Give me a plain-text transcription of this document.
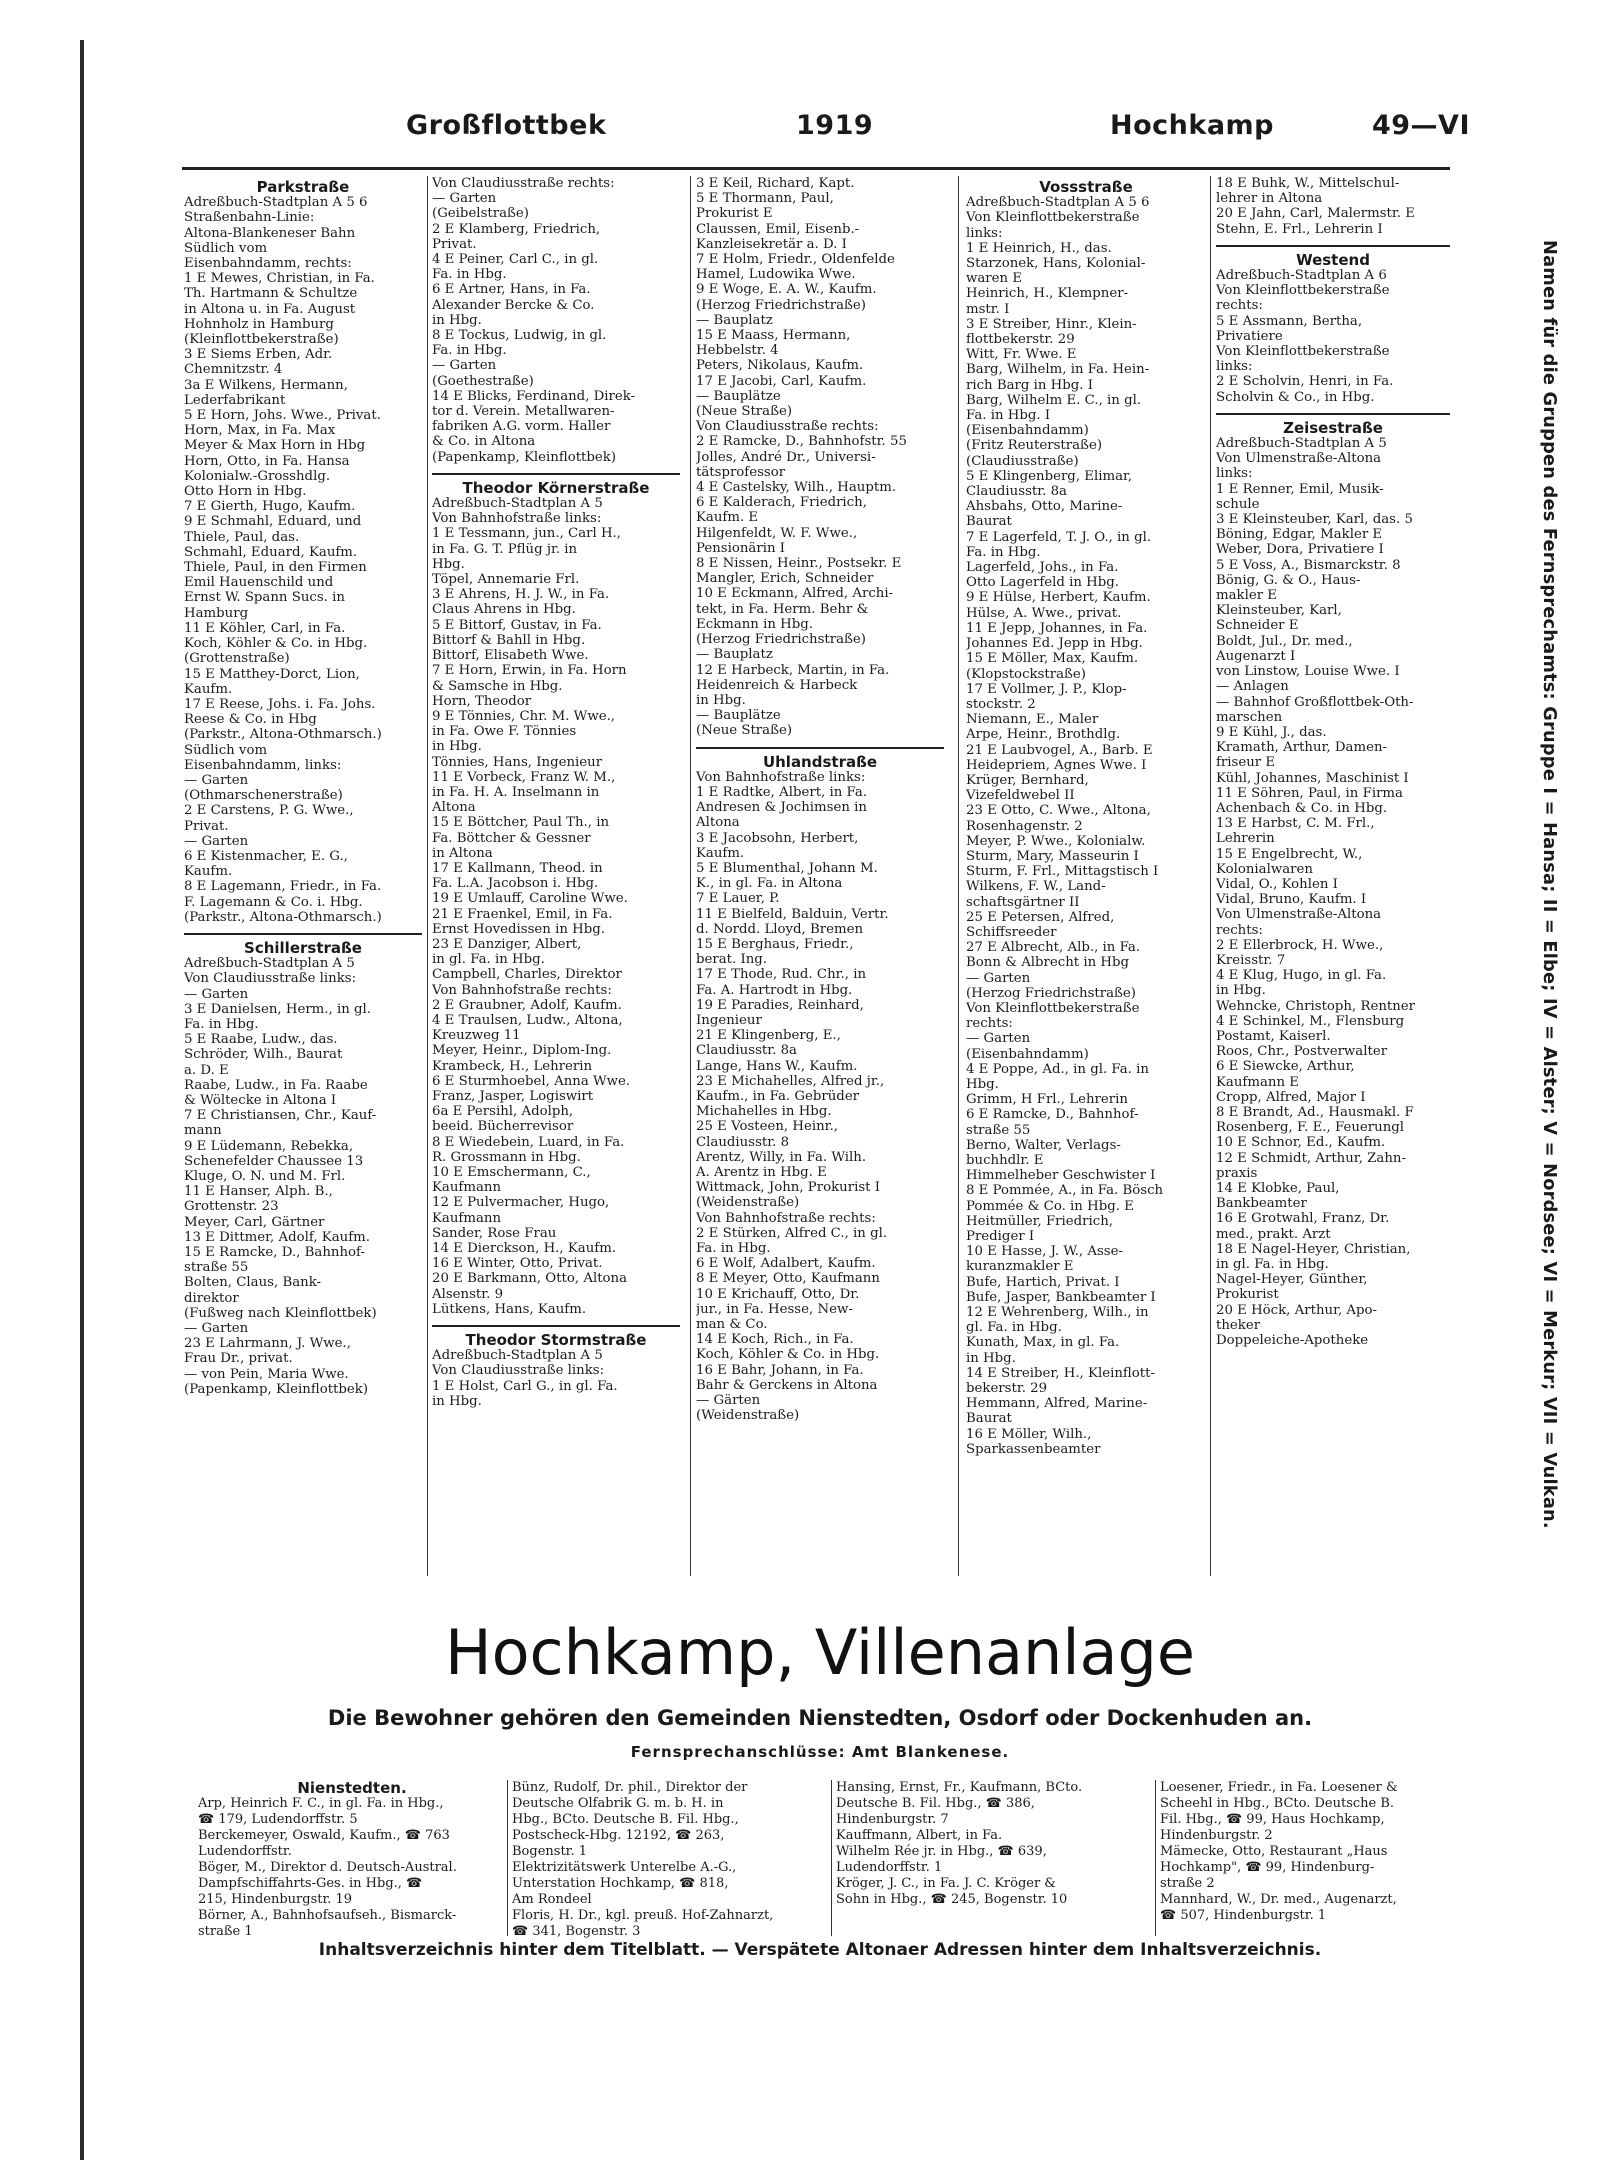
Großflottbek	1919	Hochkamp	49—VI
Parkstraße
Adreßbuch-Stadtplan A 5 6
Straßenbahn-Linie:
Altona-Blankeneser Bahn
Südlich vom
Eisenbahndamm, rechts:
1 E Mewes, Christian, in Fa.
Th. Hartmann & Schultze
in Altona u. in Fa. August
Hohnholz in Hamburg
(Kleinflottbekerstraße)
3 E Siems Erben, Adr.
Chemnitzstr. 4
3a E Wilkens, Hermann,
Lederfabrikant
5 E Horn, Johs. Wwe., Privat.
Horn, Max, in Fa. Max
Meyer & Max Horn in Hbg
Horn, Otto, in Fa. Hansa
Kolonialw.-Grosshdlg.
Otto Horn in Hbg.
7 E Gierth, Hugo, Kaufm.
9 E Schmahl, Eduard, und
Thiele, Paul, das.
Schmahl, Eduard, Kaufm.
Thiele, Paul, in den Firmen
Emil Hauenschild und
Ernst W. Spann Sucs. in
Hamburg
11 E Köhler, Carl, in Fa.
Koch, Köhler & Co. in Hbg.
(Grottenstraße)
15 E Matthey-Dorct, Lion,
Kaufm.
17 E Reese, Johs. i. Fa. Johs.
Reese & Co. in Hbg
(Parkstr., Altona-Othmarsch.)
Südlich vom
Eisenbahndamm, links:
— Garten
(Othmarschenerstraße)
2 E Carstens, P. G. Wwe.,
Privat.
— Garten
6 E Kistenmacher, E. G.,
Kaufm.
8 E Lagemann, Friedr., in Fa.
F. Lagemann & Co. i. Hbg.
(Parkstr., Altona-Othmarsch.)
Schillerstraße
Adreßbuch-Stadtplan A 5
Von Claudiusstraße links:
— Garten
3 E Danielsen, Herm., in gl.
Fa. in Hbg.
5 E Raabe, Ludw., das.
Schröder, Wilh., Baurat
a. D. E
Raabe, Ludw., in Fa. Raabe
& Wöltecke in Altona I
7 E Christiansen, Chr., Kauf-
mann
9 E Lüdemann, Rebekka,
Schenefelder Chaussee 13
Kluge, O. N. und M. Frl.
11 E Hanser, Alph. B.,
Grottenstr. 23
Meyer, Carl, Gärtner
13 E Dittmer, Adolf, Kaufm.
15 E Ramcke, D., Bahnhof-
straße 55
Bolten, Claus, Bank-
direktor
(Fußweg nach Kleinflottbek)
— Garten
23 E Lahrmann, J. Wwe.,
Frau Dr., privat.
— von Pein, Maria Wwe.
(Papenkamp, Kleinflottbek)
Von Claudiusstraße rechts:
— Garten
(Geibelstraße)
2 E Klamberg, Friedrich,
Privat.
4 E Peiner, Carl C., in gl.
Fa. in Hbg.
6 E Artner, Hans, in Fa.
Alexander Bercke & Co.
in Hbg.
8 E Tockus, Ludwig, in gl.
Fa. in Hbg.
— Garten
(Goethestraße)
14 E Blicks, Ferdinand, Direk-
tor d. Verein. Metallwaren-
fabriken A.G. vorm. Haller
& Co. in Altona
(Papenkamp, Kleinflottbek)
Theodor Körnerstraße
Adreßbuch-Stadtplan A 5
Von Bahnhofstraße links:
1 E Tessmann, jun., Carl H.,
in Fa. G. T. Pflüg jr. in
Hbg.
Töpel, Annemarie Frl.
3 E Ahrens, H. J. W., in Fa.
Claus Ahrens in Hbg.
5 E Bittorf, Gustav, in Fa.
Bittorf & Bahll in Hbg.
Bittorf, Elisabeth Wwe.
7 E Horn, Erwin, in Fa. Horn
& Samsche in Hbg.
Horn, Theodor
9 E Tönnies, Chr. M. Wwe.,
in Fa. Owe F. Tönnies
in Hbg.
Tönnies, Hans, Ingenieur
11 E Vorbeck, Franz W. M.,
in Fa. H. A. Inselmann in
Altona
15 E Böttcher, Paul Th., in
Fa. Böttcher & Gessner
in Altona
17 E Kallmann, Theod. in
Fa. L.A. Jacobson i. Hbg.
19 E Umlauff, Caroline Wwe.
21 E Fraenkel, Emil, in Fa.
Ernst Hovedissen in Hbg.
23 E Danziger, Albert,
in gl. Fa. in Hbg.
Campbell, Charles, Direktor
Von Bahnhofstraße rechts:
2 E Graubner, Adolf, Kaufm.
4 E Traulsen, Ludw., Altona,
Kreuzweg 11
Meyer, Heinr., Diplom-Ing.
Krambeck, H., Lehrerin
6 E Sturmhoebel, Anna Wwe.
Franz, Jasper, Logiswirt
6a E Persihl, Adolph,
beeid. Bücherrevisor
8 E Wiedebein, Luard, in Fa.
R. Grossmann in Hbg.
10 E Emschermann, C.,
Kaufmann
12 E Pulvermacher, Hugo,
Kaufmann
Sander, Rose Frau
14 E Dierckson, H., Kaufm.
16 E Winter, Otto, Privat.
20 E Barkmann, Otto, Altona
Alsenstr. 9
Lütkens, Hans, Kaufm.
Theodor Stormstraße
Adreßbuch-Stadtplan A 5
Von Claudiusstraße links:
1 E Holst, Carl G., in gl. Fa.
in Hbg.
3 E Keil, Richard, Kapt.
5 E Thormann, Paul,
Prokurist E
Claussen, Emil, Eisenb.-
Kanzleisekretär a. D. I
7 E Holm, Friedr., Oldenfelde
Hamel, Ludowika Wwe.
9 E Woge, E. A. W., Kaufm.
(Herzog Friedrichstraße)
— Bauplatz
15 E Maass, Hermann,
Hebbelstr. 4
Peters, Nikolaus, Kaufm.
17 E Jacobi, Carl, Kaufm.
— Bauplätze
(Neue Straße)
Von Claudiusstraße rechts:
2 E Ramcke, D., Bahnhofstr. 55
Jolles, André Dr., Universi-
tätsprofessor
4 E Castelsky, Wilh., Hauptm.
6 E Kalderach, Friedrich,
Kaufm. E
Hilgenfeldt, W. F. Wwe.,
Pensionärin I
8 E Nissen, Heinr., Postsekr. E
Mangler, Erich, Schneider
10 E Eckmann, Alfred, Archi-
tekt, in Fa. Herm. Behr &
Eckmann in Hbg.
(Herzog Friedrichstraße)
— Bauplatz
12 E Harbeck, Martin, in Fa.
Heidenreich & Harbeck
in Hbg.
— Bauplätze
(Neue Straße)
Uhlandstraße
Von Bahnhofstraße links:
1 E Radtke, Albert, in Fa.
Andresen & Jochimsen in
Altona
3 E Jacobsohn, Herbert,
Kaufm.
5 E Blumenthal, Johann M.
K., in gl. Fa. in Altona
7 E Lauer, P.
11 E Bielfeld, Balduin, Vertr.
d. Nordd. Lloyd, Bremen
15 E Berghaus, Friedr.,
berat. Ing.
17 E Thode, Rud. Chr., in
Fa. A. Hartrodt in Hbg.
19 E Paradies, Reinhard,
Ingenieur
21 E Klingenberg, E.,
Claudiusstr. 8a
Lange, Hans W., Kaufm.
23 E Michahelles, Alfred jr.,
Kaufm., in Fa. Gebrüder
Michahelles in Hbg.
25 E Vosteen, Heinr.,
Claudiusstr. 8
Arentz, Willy, in Fa. Wilh.
A. Arentz in Hbg. E
Wittmack, John, Prokurist I
(Weidenstraße)
Von Bahnhofstraße rechts:
2 E Stürken, Alfred C., in gl.
Fa. in Hbg.
6 E Wolf, Adalbert, Kaufm.
8 E Meyer, Otto, Kaufmann
10 E Krichauff, Otto, Dr.
jur., in Fa. Hesse, New-
man & Co.
14 E Koch, Rich., in Fa.
Koch, Köhler & Co. in Hbg.
16 E Bahr, Johann, in Fa.
Bahr & Gerckens in Altona
— Gärten
(Weidenstraße)
Vossstraße
Adreßbuch-Stadtplan A 5 6
Von Kleinflottbekerstraße
links:
1 E Heinrich, H., das.
Starzonek, Hans, Kolonial-
waren E
Heinrich, H., Klempner-
mstr. I
3 E Streiber, Hinr., Klein-
flottbekerstr. 29
Witt, Fr. Wwe. E
Barg, Wilhelm, in Fa. Hein-
rich Barg in Hbg. I
Barg, Wilhelm E. C., in gl.
Fa. in Hbg. I
(Eisenbahndamm)
(Fritz Reuterstraße)
(Claudiusstraße)
5 E Klingenberg, Elimar,
Claudiusstr. 8a
Ahsbahs, Otto, Marine-
Baurat
7 E Lagerfeld, T. J. O., in gl.
Fa. in Hbg.
Lagerfeld, Johs., in Fa.
Otto Lagerfeld in Hbg.
9 E Hülse, Herbert, Kaufm.
Hülse, A. Wwe., privat.
11 E Jepp, Johannes, in Fa.
Johannes Ed. Jepp in Hbg.
15 E Möller, Max, Kaufm.
(Klopstockstraße)
17 E Vollmer, J. P., Klop-
stockstr. 2
Niemann, E., Maler
Arpe, Heinr., Brothdlg.
21 E Laubvogel, A., Barb. E
Heidepriem, Agnes Wwe. I
Krüger, Bernhard,
Vizefeldwebel II
23 E Otto, C. Wwe., Altona,
Rosenhagenstr. 2
Meyer, P. Wwe., Kolonialw.
Sturm, Mary, Masseurin I
Sturm, F. Frl., Mittagstisch I
Wilkens, F. W., Land-
schaftsgärtner II
25 E Petersen, Alfred,
Schiffsreeder
27 E Albrecht, Alb., in Fa.
Bonn & Albrecht in Hbg
— Garten
(Herzog Friedrichstraße)
Von Kleinflottbekerstraße
rechts:
— Garten
(Eisenbahndamm)
4 E Poppe, Ad., in gl. Fa. in
Hbg.
Grimm, H Frl., Lehrerin
6 E Ramcke, D., Bahnhof-
straße 55
Berno, Walter, Verlags-
buchhdlr. E
Himmelheber Geschwister I
8 E Pommée, A., in Fa. Bösch
Pommée & Co. in Hbg. E
Heitmüller, Friedrich,
Prediger I
10 E Hasse, J. W., Asse-
kuranzmakler E
Bufe, Hartich, Privat. I
Bufe, Jasper, Bankbeamter I
12 E Wehrenberg, Wilh., in
gl. Fa. in Hbg.
Kunath, Max, in gl. Fa.
in Hbg.
14 E Streiber, H., Kleinflott-
bekerstr. 29
Hemmann, Alfred, Marine-
Baurat
16 E Möller, Wilh.,
Sparkassenbeamter
18 E Buhk, W., Mittelschul-
lehrer in Altona
20 E Jahn, Carl, Malermstr. E
Stehn, E. Frl., Lehrerin I
Westend
Adreßbuch-Stadtplan A 6
Von Kleinflottbekerstraße
rechts:
5 E Assmann, Bertha,
Privatiere
Von Kleinflottbekerstraße
links:
2 E Scholvin, Henri, in Fa.
Scholvin & Co., in Hbg.
Zeisestraße
Adreßbuch-Stadtplan A 5
Von Ulmenstraße-Altona
links:
1 E Renner, Emil, Musik-
schule
3 E Kleinsteuber, Karl, das. 5
Böning, Edgar, Makler E
Weber, Dora, Privatiere I
5 E Voss, A., Bismarckstr. 8
Bönig, G. & O., Haus-
makler E
Kleinsteuber, Karl,
Schneider E
Boldt, Jul., Dr. med.,
Augenarzt I
von Linstow, Louise Wwe. I
— Anlagen
— Bahnhof Großflottbek-Oth-
marschen
9 E Kühl, J., das.
Kramath, Arthur, Damen-
friseur E
Kühl, Johannes, Maschinist I
11 E Söhren, Paul, in Firma
Achenbach & Co. in Hbg.
13 E Harbst, C. M. Frl.,
Lehrerin
15 E Engelbrecht, W.,
Kolonialwaren
Vidal, O., Kohlen I
Vidal, Bruno, Kaufm. I
Von Ulmenstraße-Altona
rechts:
2 E Ellerbrock, H. Wwe.,
Kreisstr. 7
4 E Klug, Hugo, in gl. Fa.
in Hbg.
Wehncke, Christoph, Rentner
4 E Schinkel, M., Flensburg
Postamt, Kaiserl.
Roos, Chr., Postverwalter
6 E Siewcke, Arthur,
Kaufmann E
Cropp, Alfred, Major I
8 E Brandt, Ad., Hausmakl. F
Rosenberg, F. E., Feuerungl
10 E Schnor, Ed., Kaufm.
12 E Schmidt, Arthur, Zahn-
praxis
14 E Klobke, Paul,
Bankbeamter
16 E Grotwahl, Franz, Dr.
med., prakt. Arzt
18 E Nagel-Heyer, Christian,
in gl. Fa. in Hbg.
Nagel-Heyer, Günther,
Prokurist
20 E Höck, Arthur, Apo-
theker
Doppeleiche-Apotheke	Namen für die Gruppen des Fernsprechamts: Gruppe I = Hansa; II = Elbe; IV = Alster; V = Nordsee; VI = Merkur; VII = Vulkan.
Hochkamp, Villenanlage
Die Bewohner gehören den Gemeinden Nienstedten, Osdorf oder Dockenhuden an.
Fernsprechanschlüsse: Amt Blankenese.
Nienstedten.
Arp, Heinrich F. C., in gl. Fa. in Hbg.,
☎ 179, Ludendorffstr. 5
Berckemeyer, Oswald, Kaufm., ☎ 763
Ludendorffstr.
Böger, M., Direktor d. Deutsch-Austral.
Dampfschiffahrts-Ges. in Hbg., ☎
215, Hindenburgstr. 19
Börner, A., Bahnhofsaufseh., Bismarck-
straße 1
Bünz, Rudolf, Dr. phil., Direktor der
Deutsche Ölfabrik G. m. b. H. in
Hbg., BCto. Deutsche B. Fil. Hbg.,
Postscheck-Hbg. 12192, ☎ 263,
Bogenstr. 1
Elektrizitätswerk Unterelbe A.-G.,
Unterstation Hochkamp, ☎ 818,
Am Rondeel
Floris, H. Dr., kgl. preuß. Hof-Zahnarzt,
☎ 341, Bogenstr. 3
Hansing, Ernst, Fr., Kaufmann, BCto.
Deutsche B. Fil. Hbg., ☎ 386,
Hindenburgstr. 7
Kauffmann, Albert, in Fa.
Wilhelm Rée jr. in Hbg., ☎ 639,
Ludendorffstr. 1
Kröger, J. C., in Fa. J. C. Kröger &
Sohn in Hbg., ☎ 245, Bogenstr. 10
Loesener, Friedr., in Fa. Loesener &
Scheehl in Hbg., BCto. Deutsche B.
Fil. Hbg., ☎ 99, Haus Hochkamp,
Hindenburgstr. 2
Mämecke, Otto, Restaurant „Haus
Hochkamp", ☎ 99, Hindenburg-
straße 2
Mannhard, W., Dr. med., Augenarzt,
☎ 507, Hindenburgstr. 1
Inhaltsverzeichnis hinter dem Titelblatt. — Verspätete Altonaer Adressen hinter dem Inhaltsverzeichnis.
